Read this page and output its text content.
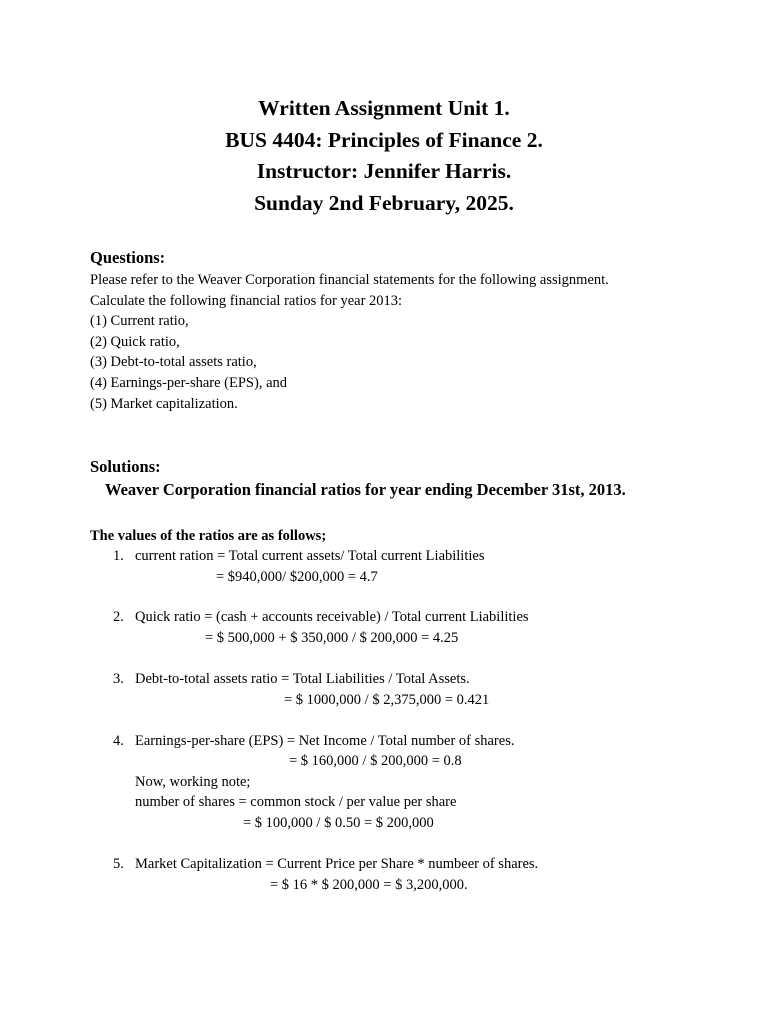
Written Assignment Unit 1.

BUS 4404: Principles of Finance 2.

Instructor: Jennifer Harris.

Sunday 2nd February, 2025.

Questions:

Please refer to the Weaver Corporation financial statements for the following assignment.

Calculate the following financial ratios for year 2013:

(1) Current ratio,

(2) Quick ratio,

(3) Debt-to-total assets ratio,

(4) Earnings-per-share (EPS), and

(5) Market capitalization.

Solutions:
Weaver Corporation financial ratios for year ending December 31st, 2013.
The values of the ratios are as follows;
1. current ration = Total current assets/ Total current Liabilities
= $940,000/ $200,000 = 4.7
2. Quick ratio = (cash + accounts receivable) / Total current Liabilities
= $ 500,000 + $ 350,000 / $ 200,000 = 4.25
3. Debt-to-total assets ratio = Total Liabilities / Total Assets.
= $ 1000,000 / $ 2,375,000 = 0.421
4. Earnings-per-share (EPS) = Net Income / Total number of shares.
= $ 160,000 / $ 200,000 = 0.8
Now, working note;
number of shares = common stock / per value per share
= $ 100,000 / $ 0.50 = $ 200,000
5. Market Capitalization = Current Price per Share * numbeer of shares.
= $ 16 * $ 200,000 = $ 3,200,000.
